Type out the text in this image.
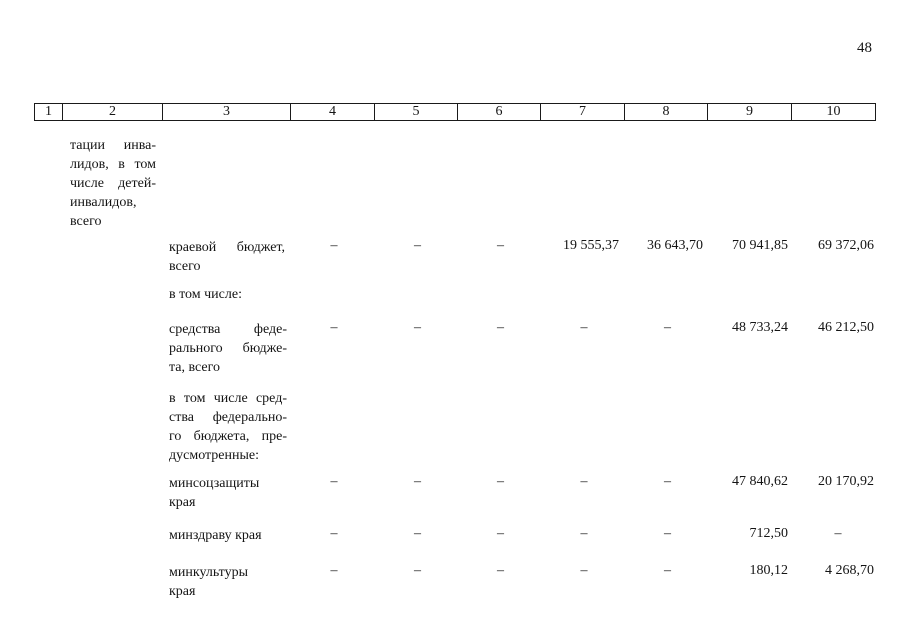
48
1	2	3	4	5	6	7	8	9	10
тации инва-
лидов, в том
числе детей-
инвалидов,
всего
краевой бюджет,
всего
–	–	–	19 555,37	36 643,70	70 941,85	69 372,06
в том числе:
средства феде-
рального бюдже-
та, всего
–	–	–	–	–	48 733,24	46 212,50
в том числе сред-
ства федерально-
го бюджета, пре-
дусмотренные:
минсоцзащиты
края
–	–	–	–	–	47 840,62	20 170,92
минздраву края	–	–	–	–	–	712,50	–
минкультуры
края
–	–	–	–	–	180,12	4 268,70
